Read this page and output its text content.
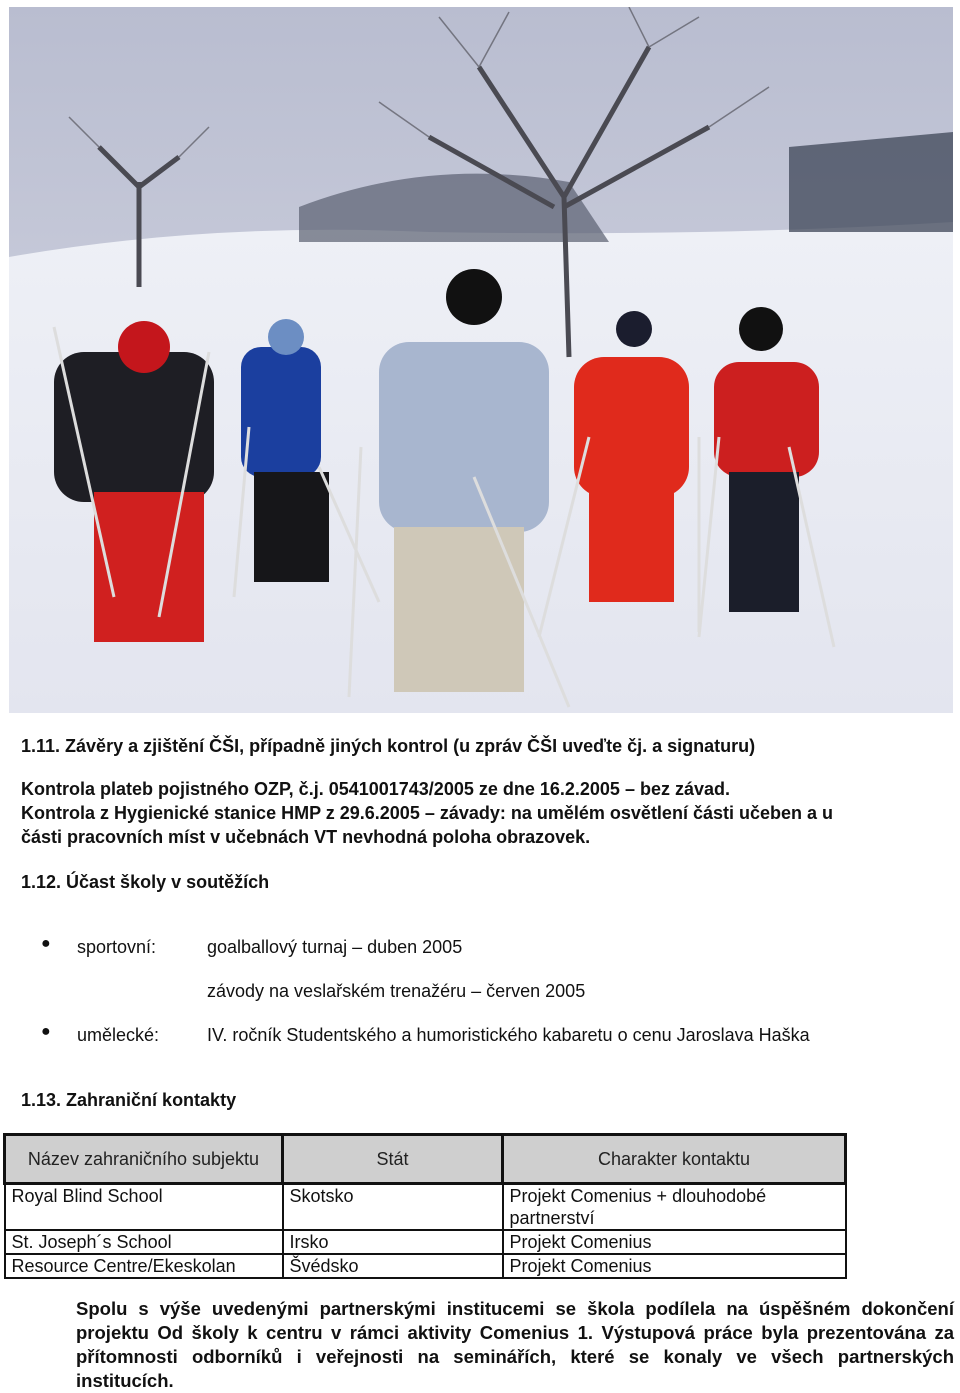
1.11. Závěry a zjištění ČŠI, případně jiných kontrol (u zpráv ČŠI uveďte čj. a signaturu)
Kontrola plateb pojistného OZP, č.j. 05410017​43/2005 ze dne 16.2.2005 – bez závad.
Kontrola z Hygienické stanice HMP z 29.6.2005 – závady: na umělém osvětlení části učeben a u
části pracovních míst v učebnách VT nevhodná poloha obrazovek.
1.12. Účast školy v soutěžích
● sportovní:	goalballový turnaj – duben 2005
závody na veslařském trenažéru – červen 2005
● umělecké:	IV. ročník Studentského a humoristického kabaretu o cenu Jaroslava Haška
1.13. Zahraniční kontakty
Název zahraničního subjektu	Stát	Charakter kontaktu
Royal Blind School	Skotsko	Projekt Comenius + dlouhodobé partnerství
St. Joseph´s School	Irsko	Projekt Comenius
Resource Centre/Ekeskolan	Švédsko	Projekt Comenius
Spolu s výše uvedenými partnerskými institucemi se škola podílela na úspěšném dokončení projektu Od školy k centru v rámci aktivity Comenius 1. Výstupová práce byla prezentována za přítomnosti odborníků i veřejnosti na seminářích, které se konaly ve všech partnerských institucích.
